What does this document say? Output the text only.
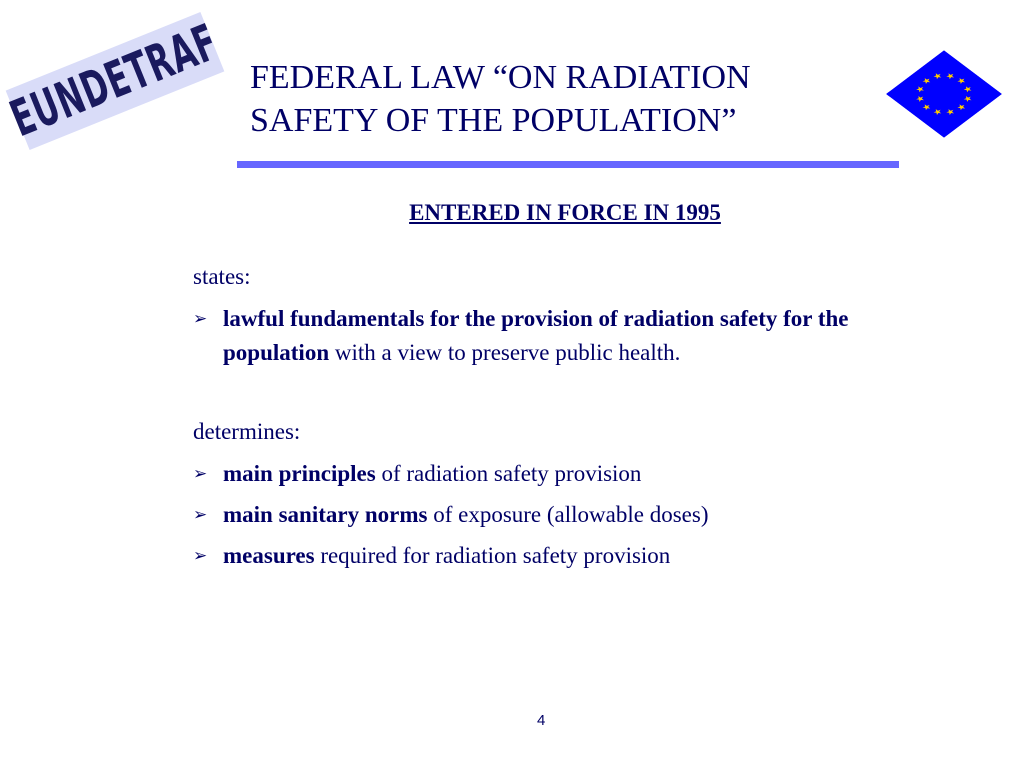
EUNDETRAF FEDERAL LAW “ON RADIATION
SAFETY OF THE POPULATION”
ENTERED IN FORCE IN 1995
states:
➢ lawful fundamentals for the provision of radiation safety for the population with a view to preserve public health.
determines:
➢ main principles of radiation safety provision
➢ main sanitary norms of exposure (allowable doses)
➢ measures required for radiation safety provision
4
